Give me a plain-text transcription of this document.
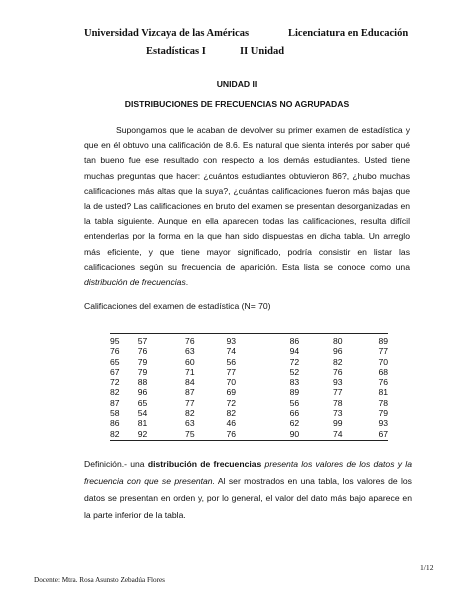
Universidad Vizcaya de las Américas	Licenciatura en Educación
Estadísticas I	II Unidad
UNIDAD II
DISTRIBUCIONES DE FRECUENCIAS NO AGRUPADAS
Supongamos que le acaban de devolver su primer examen de estadística y que en él obtuvo una calificación de 8.6. Es natural que sienta interés por saber qué tan bueno fue ese resultado con respecto a los demás estudiantes. Usted tiene muchas preguntas que hacer: ¿cuántos estudiantes obtuvieron 86?, ¿hubo muchas calificaciones más altas que la suya?, ¿cuántas calificaciones fueron más bajas que la de usted? Las calificaciones en bruto del examen se presentan desorganizadas en la tabla siguiente. Aunque en ella aparecen todas las calificaciones, resulta difícil entenderlas por la forma en la que han sido dispuestas en dicha tabla. Un arreglo más eficiente, y que tiene mayor significado, podría consistir en listar las calificaciones según su frecuencia de aparición. Esta lista se conoce como una distribución de frecuencias.
Calificaciones del examen de estadística (N= 70)
95	57	76	93	86	80	89
76	76	63	74	94	96	77
65	79	60	56	72	82	70
67	79	71	77	52	76	68
72	88	84	70	83	93	76
82	96	87	69	89	77	81
87	65	77	72	56	78	78
58	54	82	82	66	73	79
86	81	63	46	62	99	93
82	92	75	76	90	74	67
Definición.- una distribución de frecuencias presenta los valores de los datos y la frecuencia con que se presentan. Al ser mostrados en una tabla, los valores de los datos se presentan en orden y, por lo general, el valor del dato más bajo aparece en la parte inferior de la tabla.
1/12
Docente: Mtra. Rosa Asunsto Zebadúa Flores
